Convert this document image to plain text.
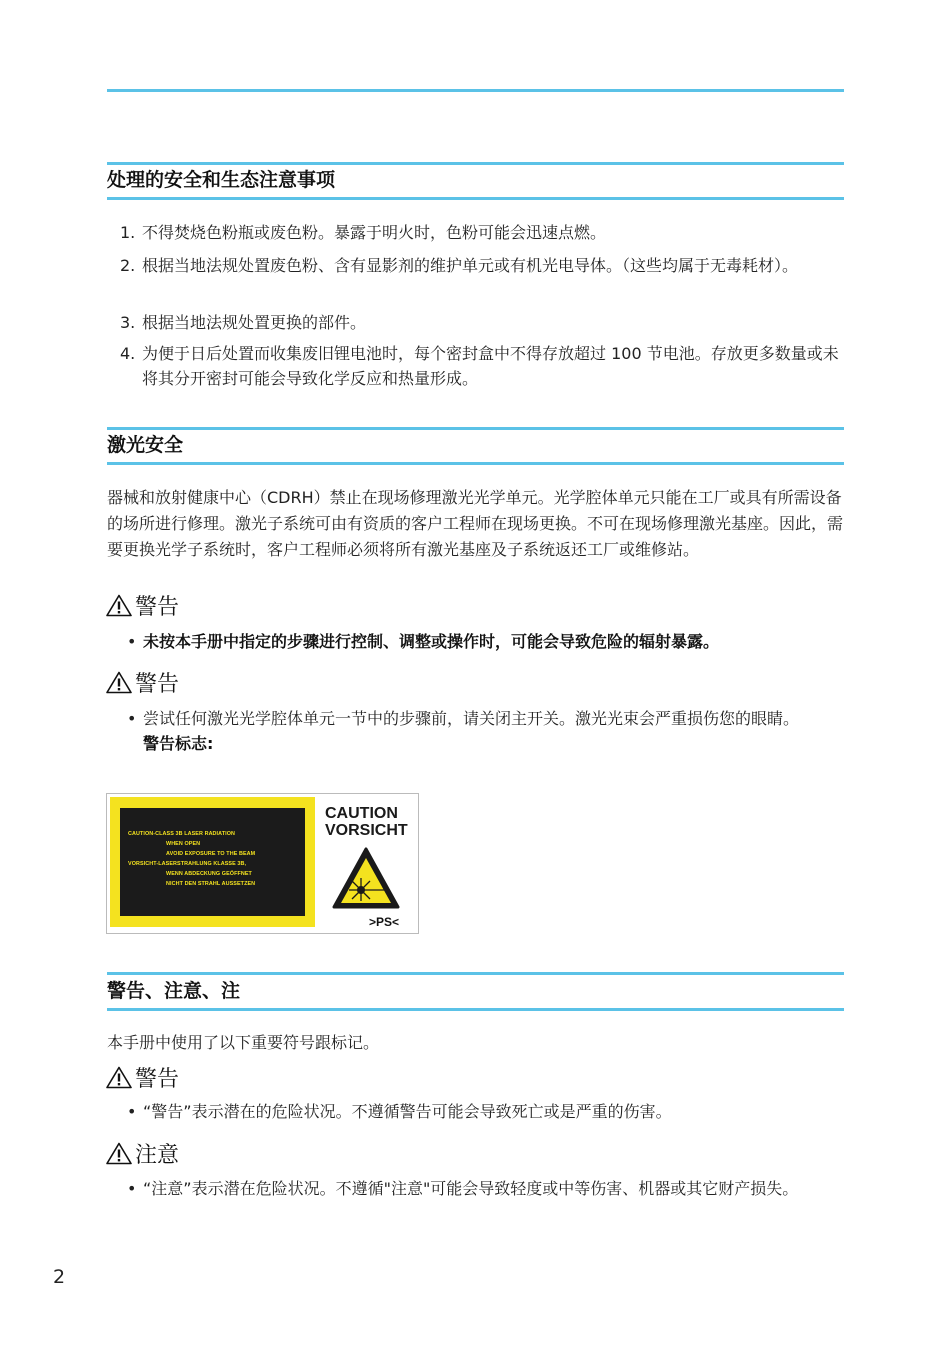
处理的安全和生态注意事项
1. 不得焚烧色粉瓶或废色粉。暴露于明火时，色粉可能会迅速点燃。
2. 根据当地法规处置废色粉、含有显影剂的维护单元或有机光电导体。（这些均属于无毒耗材）。
3. 根据当地法规处置更换的部件。
4. 为便于日后处置而收集废旧锂电池时，每个密封盒中不得存放超过 100 节电池。存放更多数量或未将其分开密封可能会导致化学反应和热量形成。
激光安全
器械和放射健康中心（CDRH）禁止在现场修理激光光学单元。光学腔体单元只能在工厂或具有所需设备的场所进行修理。激光子系统可由有资质的客户工程师在现场更换。不可在现场修理激光基座。因此，需要更换光学子系统时，客户工程师必须将所有激光基座及子系统返还工厂或维修站。
警告
• 未按本手册中指定的步骤进行控制、调整或操作时，可能会导致危险的辐射暴露。
警告
• 尝试任何激光光学腔体单元一节中的步骤前，请关闭主开关。激光光束会严重损伤您的眼睛。
警告标志:
CAUTION-CLASS 3B LASER RADIATION
WHEN OPEN
AVOID EXPOSURE TO THE BEAM
VORSICHT-LASERSTRAHLUNG KLASSE 3B,
WENN ABDECKUNG GEÖFFNET
NICHT DEN STRAHL AUSSETZEN
CAUTION
VORSICHT
>PS<
警告、注意、注
本手册中使用了以下重要符号跟标记。
警告
• “警告”表示潜在的危险状况。不遵循警告可能会导致死亡或是严重的伤害。
注意
• “注意”表示潜在危险状况。不遵循"注意"可能会导致轻度或中等伤害、机器或其它财产损失。
2
